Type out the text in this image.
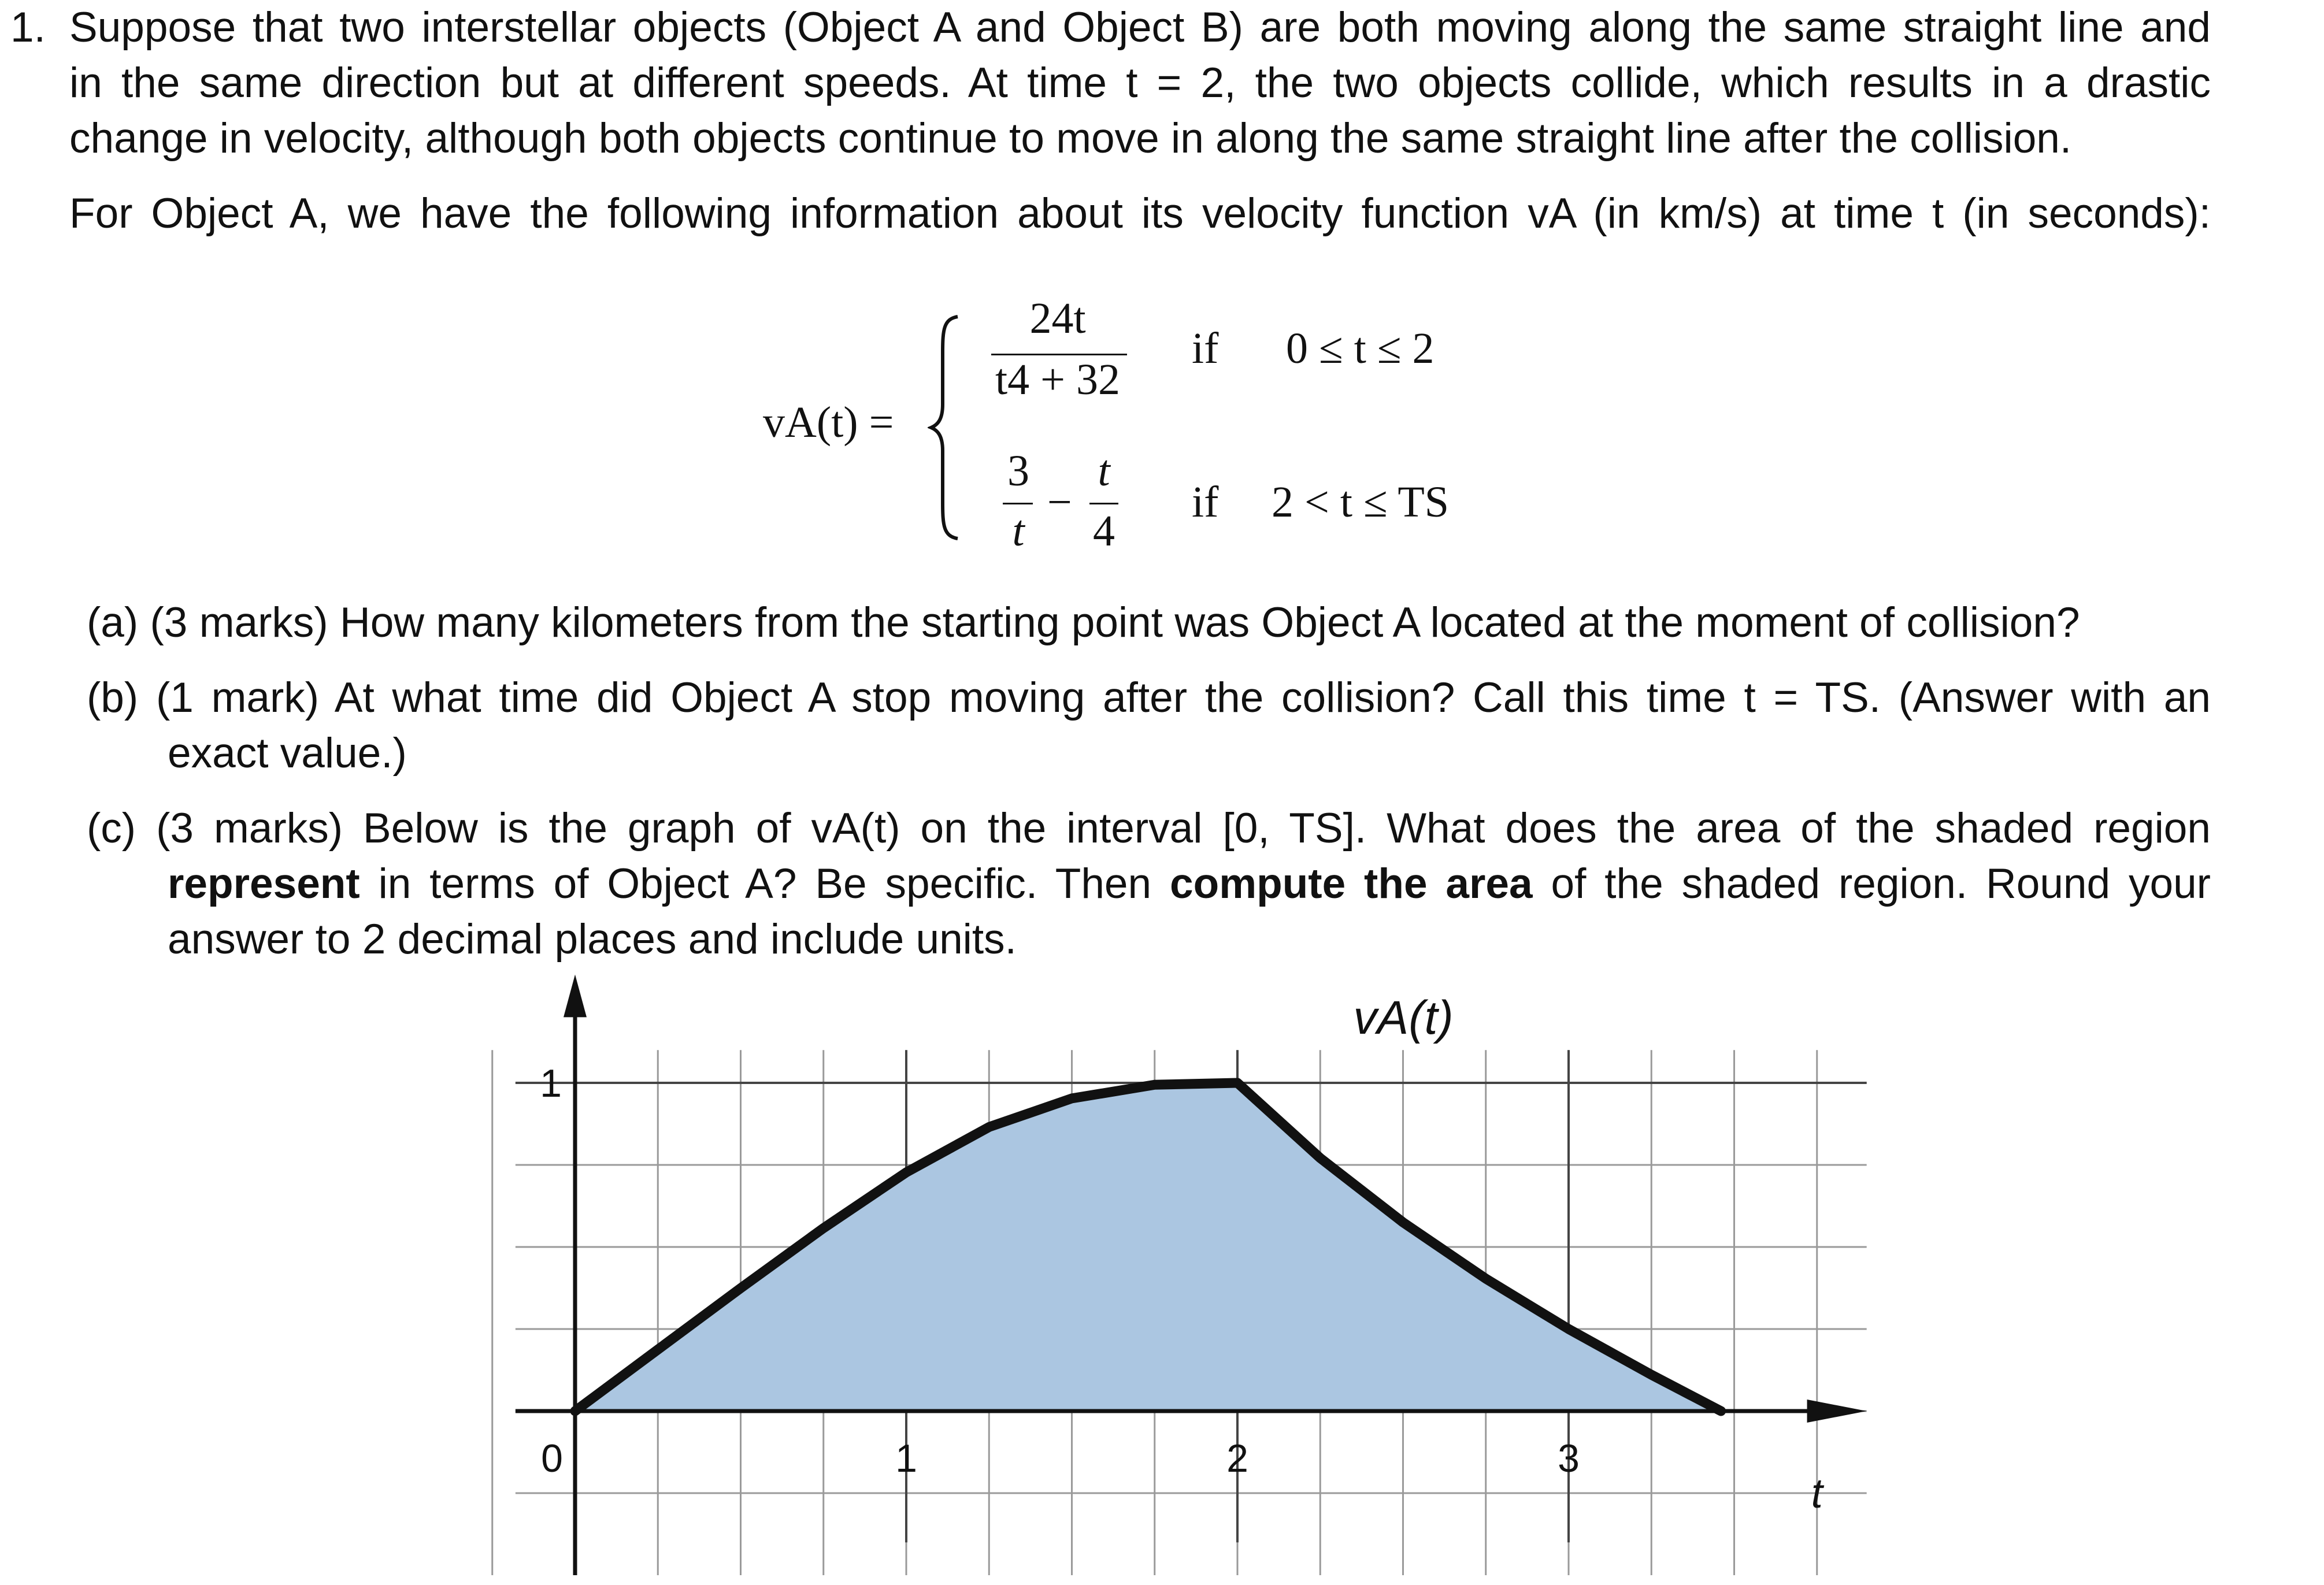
1. Suppose that two interstellar objects (Object A and Object B) are both moving along the same straight line and

in the same direction but at different speeds. At time t = 2, the two objects collide, which results in a drastic

change in velocity, although both objects continue to move in along the same straight line after the collision.

For Object A, we have the following information about its velocity function vA (in km/s) at time t (in seconds):

vA(t) =
24t
t4 + 32
if 0 ≤ t ≤ 2
3
t
−
t
4
if 2 < t ≤ TS

(a) (3 marks) How many kilometers from the starting point was Object A located at the moment of collision?

(b) (1 mark) At what time did Object A stop moving after the collision? Call this time t = TS. (Answer with an

exact value.)

(c) (3 marks) Below is the graph of vA(t) on the interval [0, TS]. What does the area of the shaded region

represent in terms of Object A? Be specific. Then compute the area of the shaded region. Round your

answer to 2 decimal places and include units.

0	1	2	3
1
t
vA(t)
